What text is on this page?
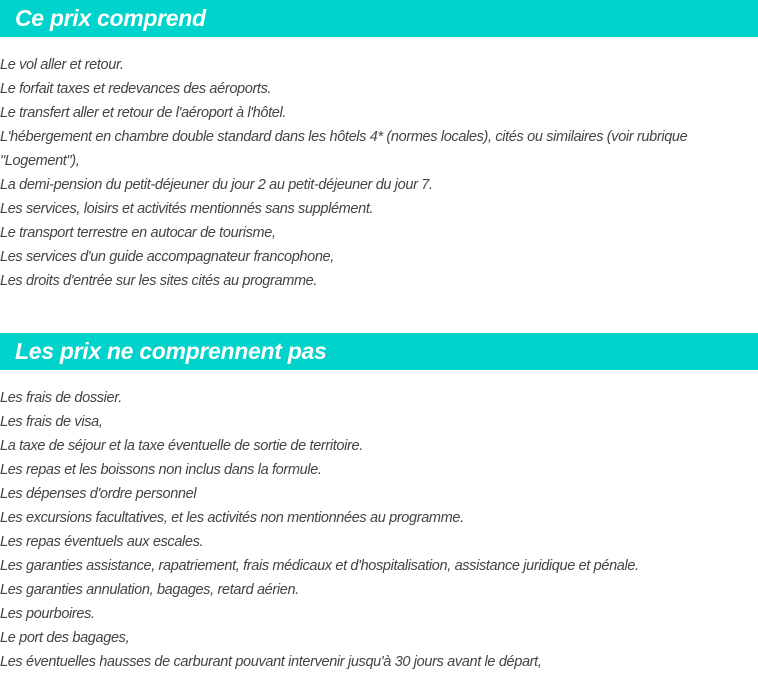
Ce prix comprend
Le vol aller et retour.
Le forfait taxes et redevances des aéroports.
Le transfert aller et retour de l'aéroport à l'hôtel.
L'hébergement en chambre double standard dans les hôtels 4* (normes locales), cités ou similaires (voir rubrique "Logement"),
La demi-pension du petit-déjeuner du jour 2 au petit-déjeuner du jour 7.
Les services, loisirs et activités mentionnés sans supplément.
Le transport terrestre en autocar de tourisme,
Les services d'un guide accompagnateur francophone,
Les droits d'entrée sur les sites cités au programme.
Les prix ne comprennent pas
Les frais de dossier.
Les frais de visa,
La taxe de séjour et la taxe éventuelle de sortie de territoire.
Les repas et les boissons non inclus dans la formule.
Les dépenses d'ordre personnel
Les excursions facultatives, et les activités non mentionnées au programme.
Les repas éventuels aux escales.
Les garanties assistance, rapatriement, frais médicaux et d'hospitalisation, assistance juridique et pénale.
Les garanties annulation, bagages, retard aérien.
Les pourboires.
Le port des bagages,
Les éventuelles hausses de carburant pouvant intervenir jusqu'à 30 jours avant le départ,
